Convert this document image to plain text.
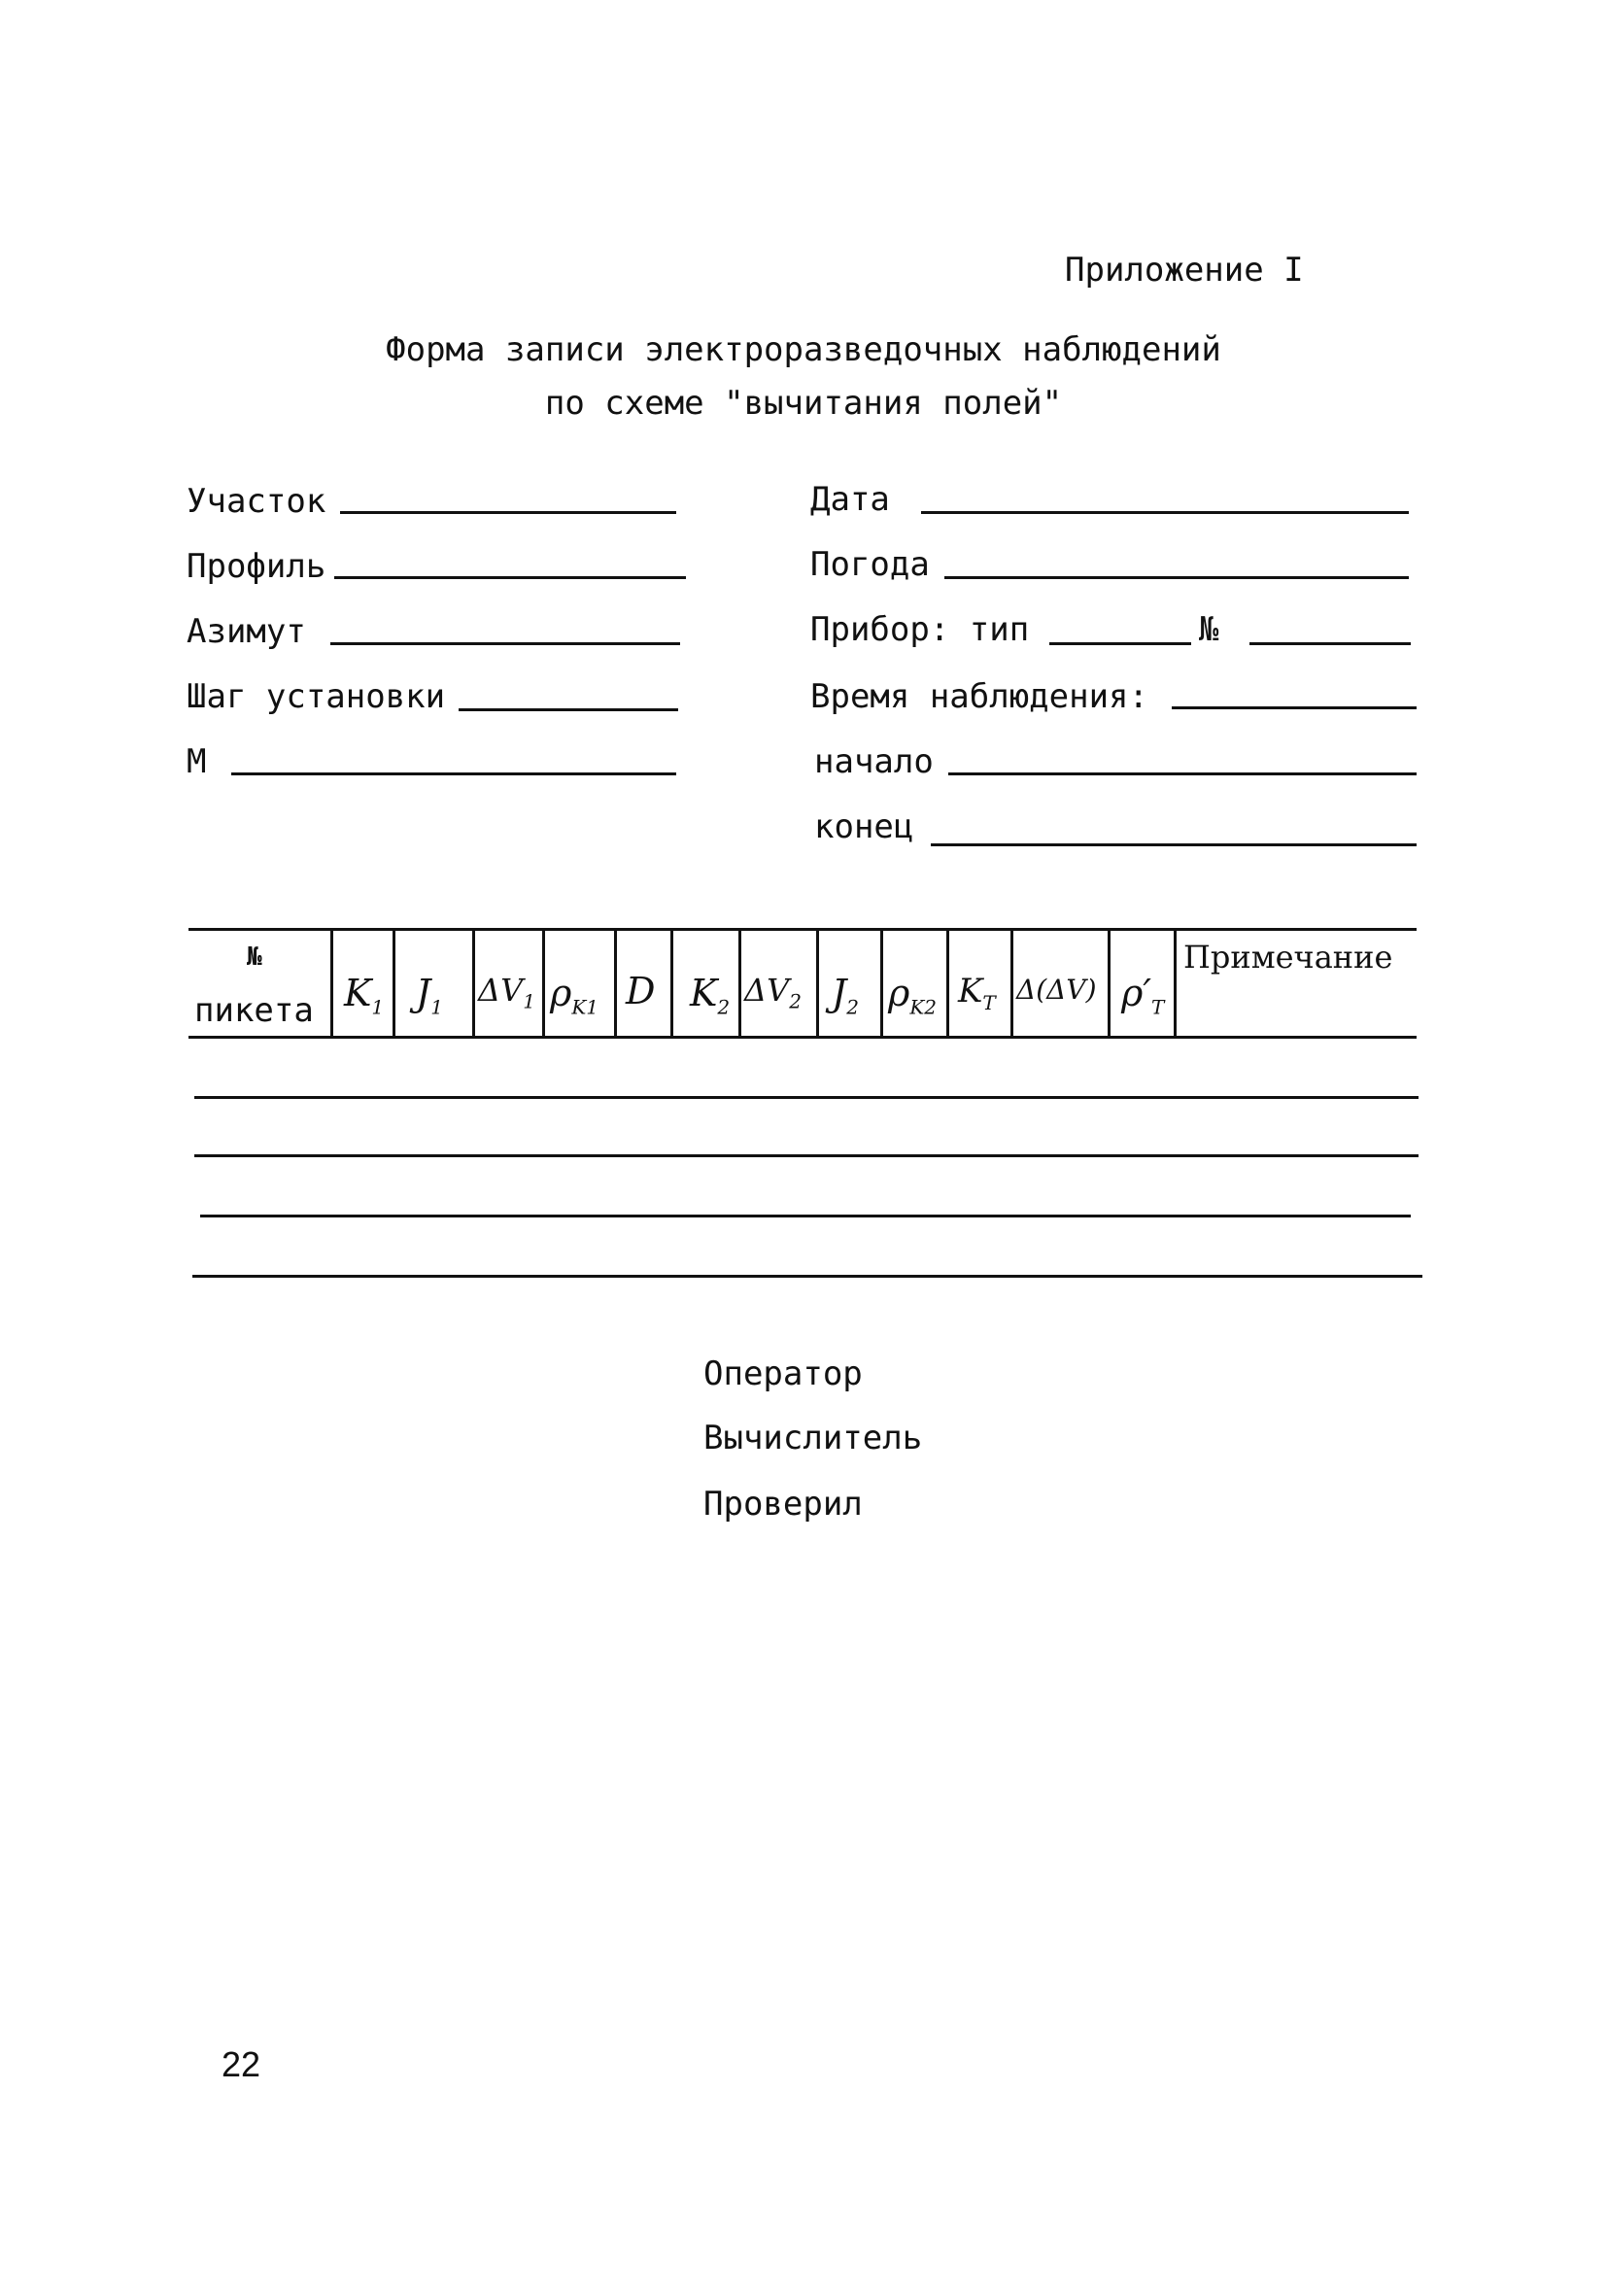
Приложение I
Форма записи электроразведочных наблюдений
по схеме "вычитания полей"
Участок
Профиль
Азимут
Шаг установки
М
Дата
Погода
Прибор: тип	№
Время наблюдения:
начало
конец
№
пикета $K_1$ $J_1$ $\Delta V_1$ $\rho_{K1}$ D $K_2$ $\Delta V_2$ $J_2$ $\rho_{K2}$ $K_T$ Δ(ΔV) $\rho'_T$
Примечание
Оператор
Вычислитель
Проверил
22
